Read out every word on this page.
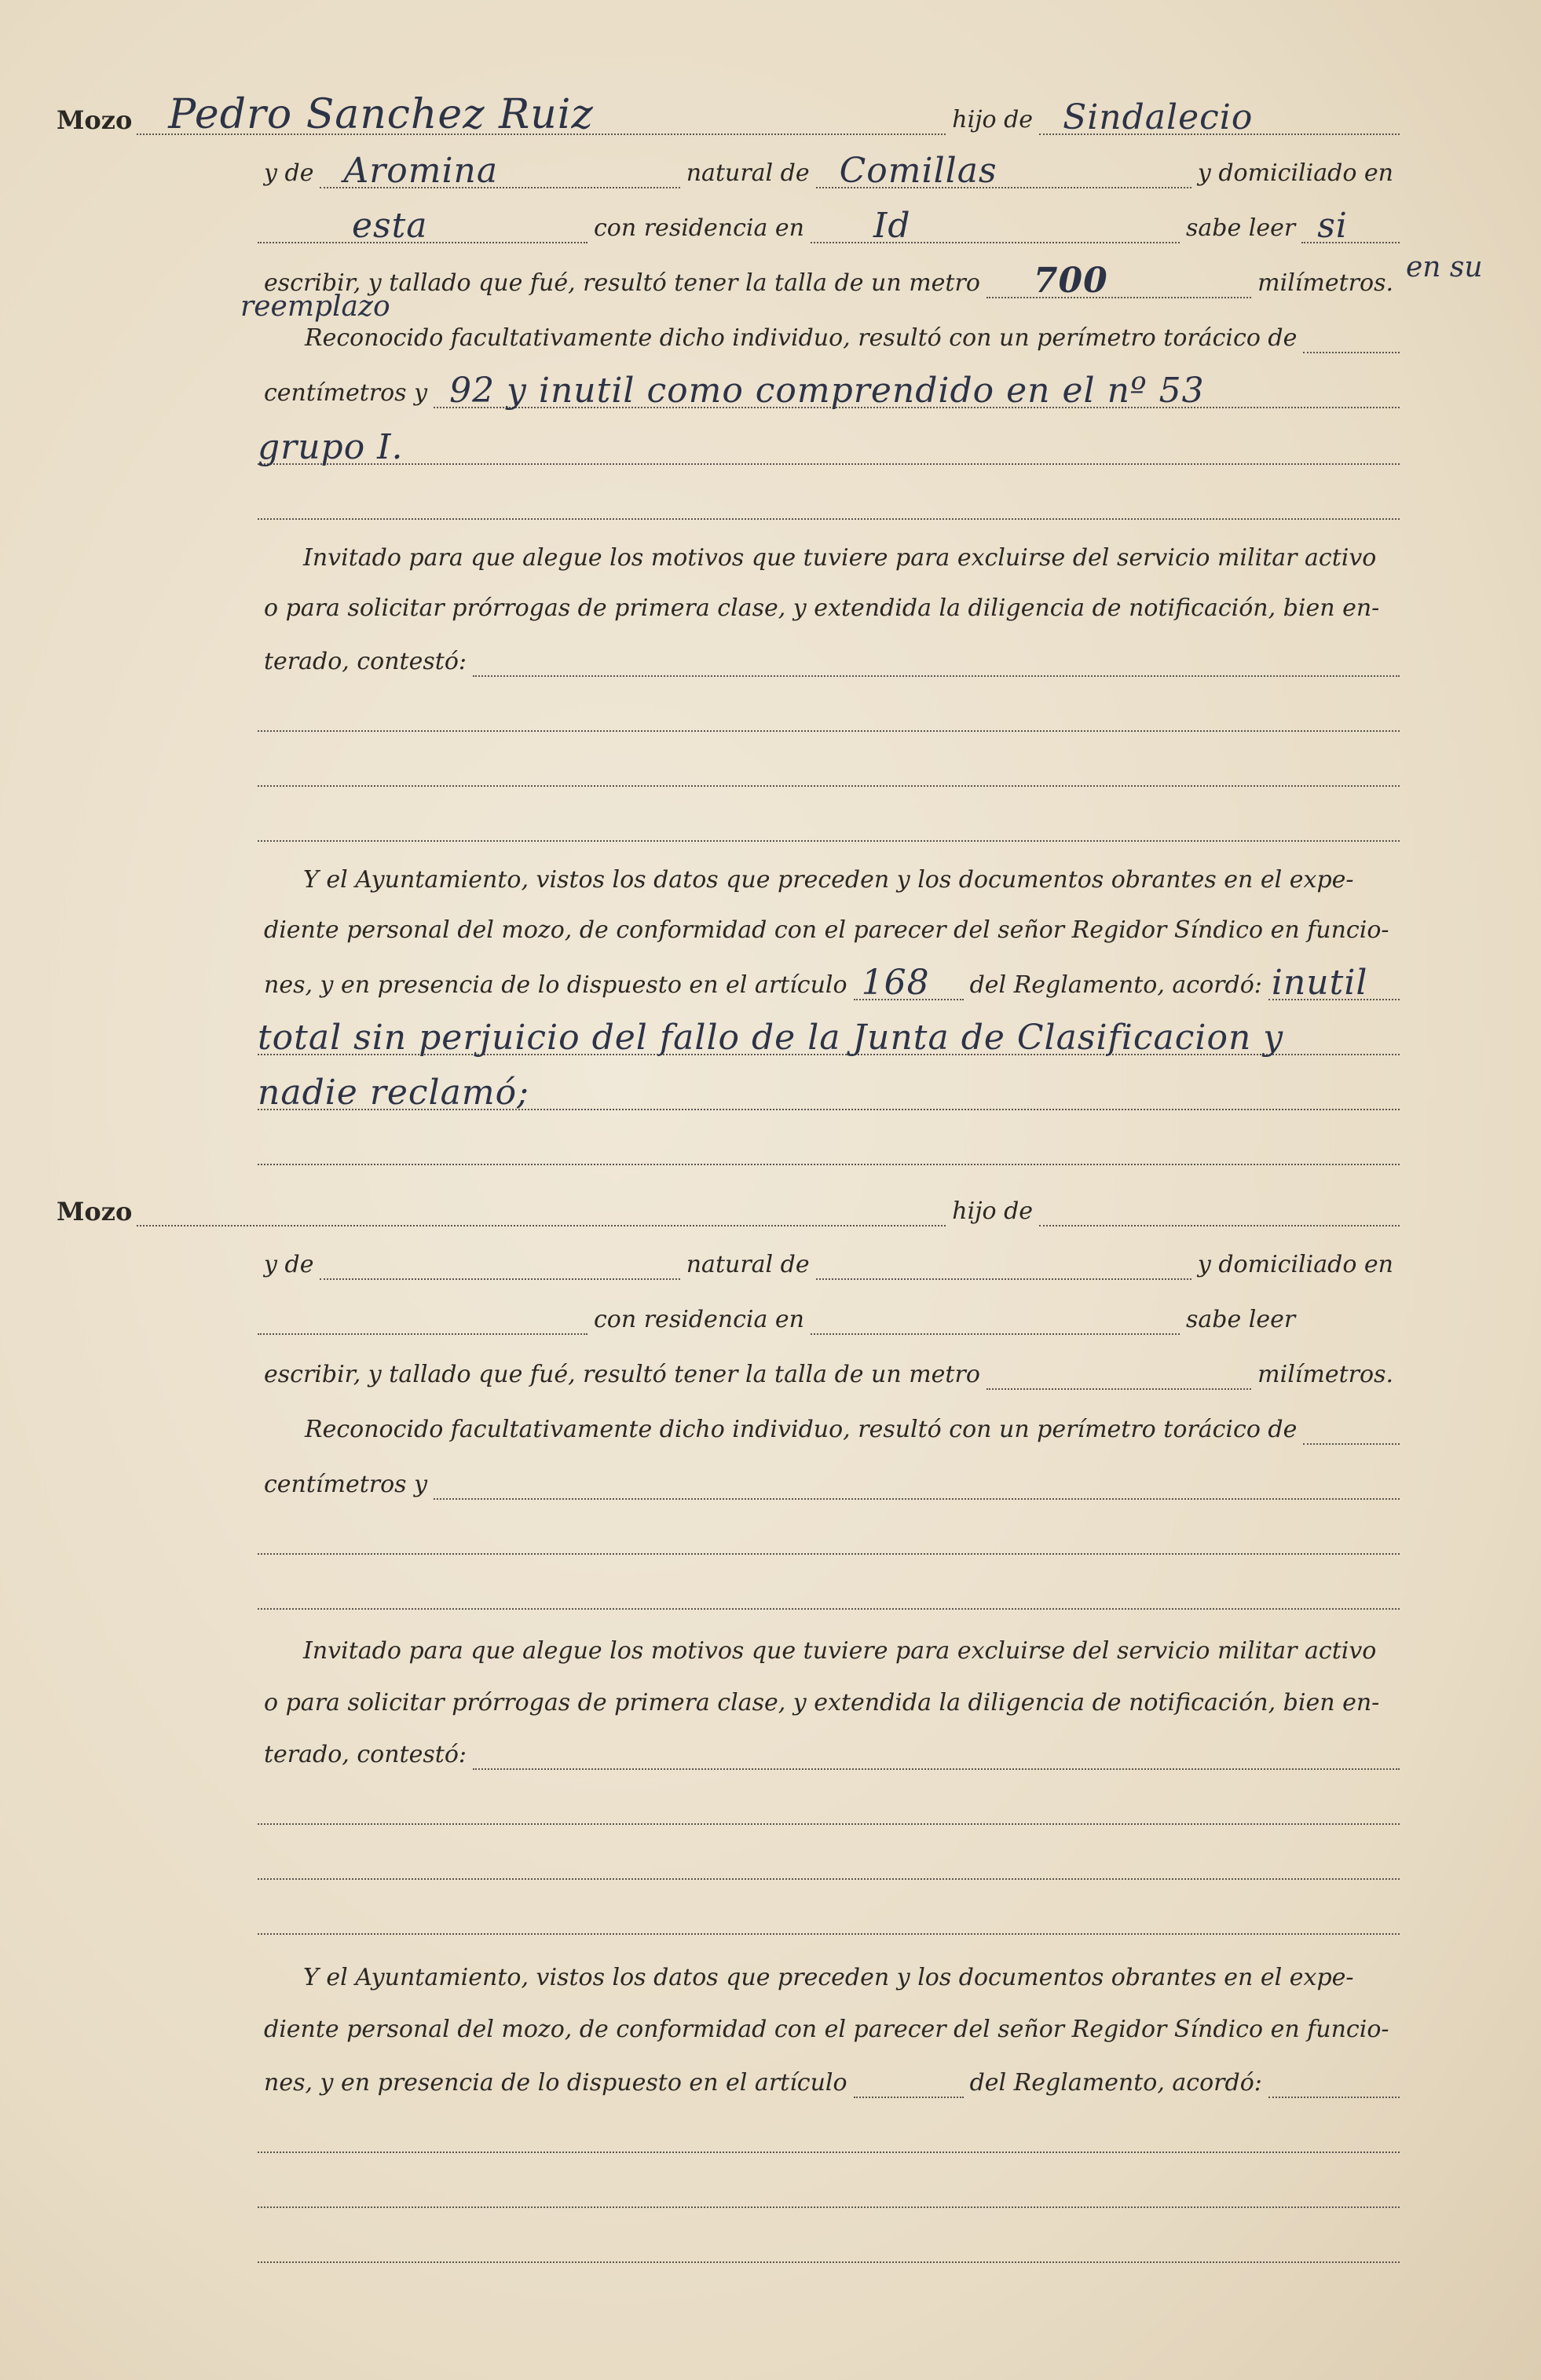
Mozo Pedro Sanchez Ruiz	hijo de Sindalecio
y de Aromina	natural de Comillas	y domiciliado en
esta	con residencia en Id	sabe leer si
escribir, y tallado que fué, resultó tener la talla de un metro 700	milímetros. en su
reemplazo
Reconocido facultativamente dicho individuo, resultó con un perímetro torácico de
centímetros y 92 y inutil como comprendido en el nº 53
grupo I.
Invitado para que alegue los motivos que tuviere para excluirse del servicio militar activo
o para solicitar prórrogas de primera clase, y extendida la diligencia de notificación, bien en-
terado, contestó:
Y el Ayuntamiento, vistos los datos que preceden y los documentos obrantes en el expe-
diente personal del mozo, de conformidad con el parecer del señor Regidor Síndico en funcio-
nes, y en presencia de lo dispuesto en el artículo 168 del Reglamento, acordó: inutil
total sin perjuicio del fallo de la Junta de Clasificacion y
nadie reclamó;
Mozo	hijo de
y de	natural de	y domiciliado en
con residencia en	sabe leer
escribir, y tallado que fué, resultó tener la talla de un metro	milímetros.
Reconocido facultativamente dicho individuo, resultó con un perímetro torácico de
centímetros y
Invitado para que alegue los motivos que tuviere para excluirse del servicio militar activo
o para solicitar prórrogas de primera clase, y extendida la diligencia de notificación, bien en-
terado, contestó:
Y el Ayuntamiento, vistos los datos que preceden y los documentos obrantes en el expe-
diente personal del mozo, de conformidad con el parecer del señor Regidor Síndico en funcio-
nes, y en presencia de lo dispuesto en el artículo	del Reglamento, acordó:
